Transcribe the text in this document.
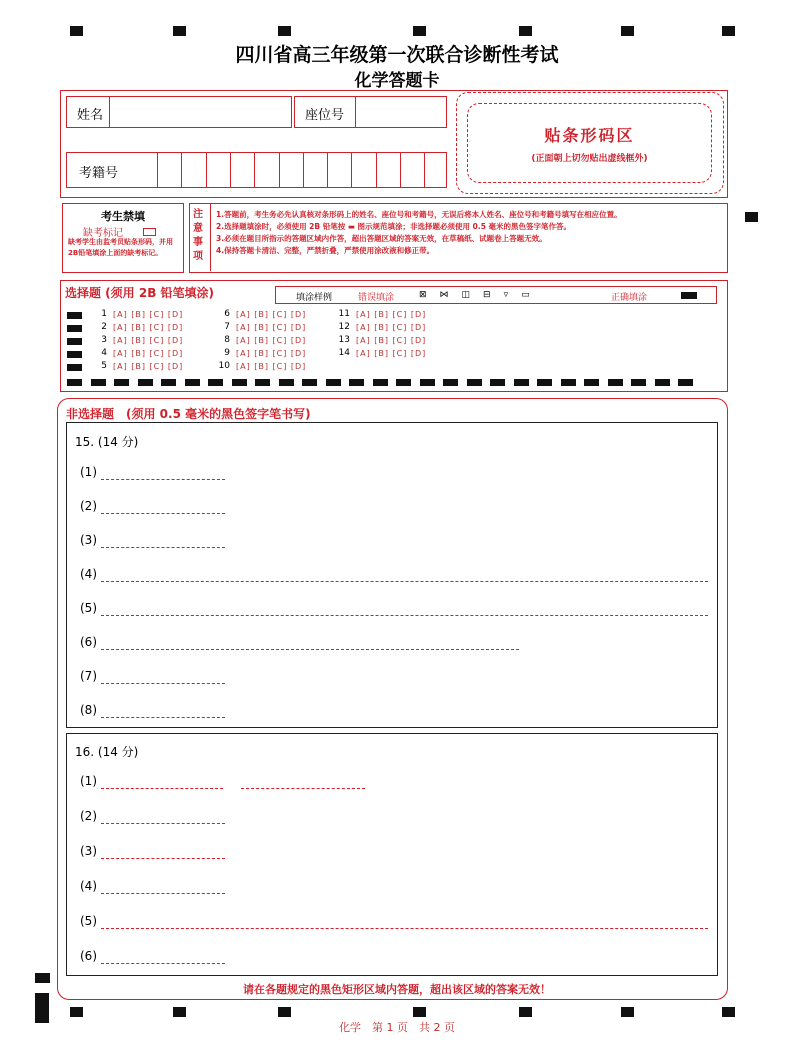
四川省高三年级第一次联合诊断性考试
化学答题卡
姓名	座位号
考籍号
贴条形码区
(正面朝上切勿贴出虚线框外)
考生禁填
缺考标记
缺考学生由监考员贴条形码，并用2B铅笔填涂上面的缺考标记。
注
意
事
项
1.答题前，考生务必先认真核对条形码上的姓名、座位号和考籍号，无误后将本人姓名、座位号和考籍号填写在相应位置。
2.选择题填涂时，必须使用 2B 铅笔按 ▬ 图示规范填涂；非选择题必须使用 0.5 毫米的黑色签字笔作答。
3.必须在题目所指示的答题区域内作答，超出答题区域的答案无效，在草稿纸、试题卷上答题无效。
4.保持答题卡清洁、完整，严禁折叠，严禁使用涂改液和修正带。
选择题 (须用 2B 铅笔填涂)	填涂样例	错误填涂	⊠⋈◫⊟▿▭	正确填涂
1 [A] [B] [C] [D]
2 [A] [B] [C] [D]
3 [A] [B] [C] [D]
4 [A] [B] [C] [D]
5 [A] [B] [C] [D]
6 [A] [B] [C] [D]
7 [A] [B] [C] [D]
8 [A] [B] [C] [D]
9 [A] [B] [C] [D]
10 [A] [B] [C] [D]
11 [A] [B] [C] [D]
12 [A] [B] [C] [D]
13 [A] [B] [C] [D]
14 [A] [B] [C] [D]
非选择题　(须用 0.5 毫米的黑色签字笔书写)
15. (14 分)
(1)
(2)
(3)
(4)
(5)
(6)
(7)
(8)
16. (14 分)
(1)
(2)
(3)
(4)
(5)
(6)
请在各题规定的黑色矩形区域内答题，超出该区域的答案无效！
化学　第 1 页　共 2 页
